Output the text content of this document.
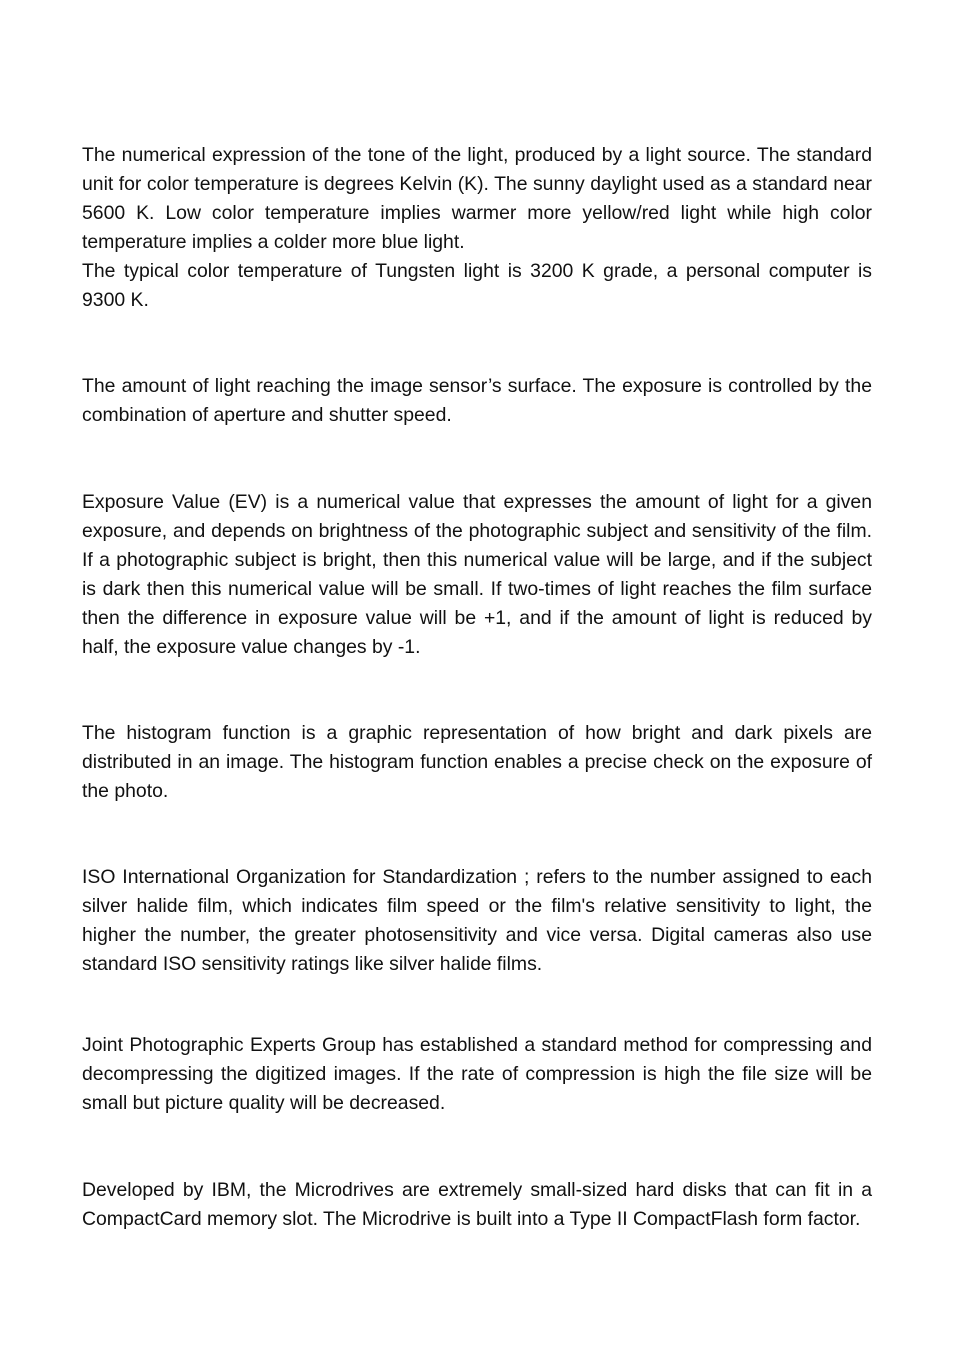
The numerical expression of the tone of the light, produced by a light source. The standard unit for color temperature is degrees Kelvin (K). The sunny daylight used as a standard near 5600 K. Low color temperature implies warmer more yellow/red light while high color temperature implies a colder more blue light.
The typical color temperature of Tungsten light is 3200 K grade, a personal computer is 9300 K.

The amount of light reaching the image sensor’s surface. The exposure is controlled by the combination of aperture and shutter speed.

Exposure Value (EV) is a numerical value that expresses the amount of light for a given exposure, and depends on brightness of the photographic subject and sensitivity of the film. If a photographic subject is bright, then this numerical value will be large, and if the subject is dark then this numerical value will be small. If two-times of light reaches the film surface then the difference in exposure value will be +1, and if the amount of light is reduced by half, the exposure value changes by -1.

The histogram function is a graphic representation of how bright and dark pixels are distributed in an image. The histogram function enables a precise check on the exposure of the photo.

ISO International Organization for Standardization ; refers to the number assigned to each silver halide film, which indicates film speed or the film's relative sensitivity to light, the higher the number, the greater photosensitivity and vice versa. Digital cameras also use standard ISO sensitivity ratings like silver halide films.

Joint Photographic Experts Group has established a standard method for compressing and decompressing the digitized images. If the rate of compression is high the file size will be small but picture quality will be decreased.

Developed by IBM, the Microdrives are extremely small-sized hard disks that can fit in a CompactCard memory slot. The Microdrive is built into a Type II CompactFlash form factor.
